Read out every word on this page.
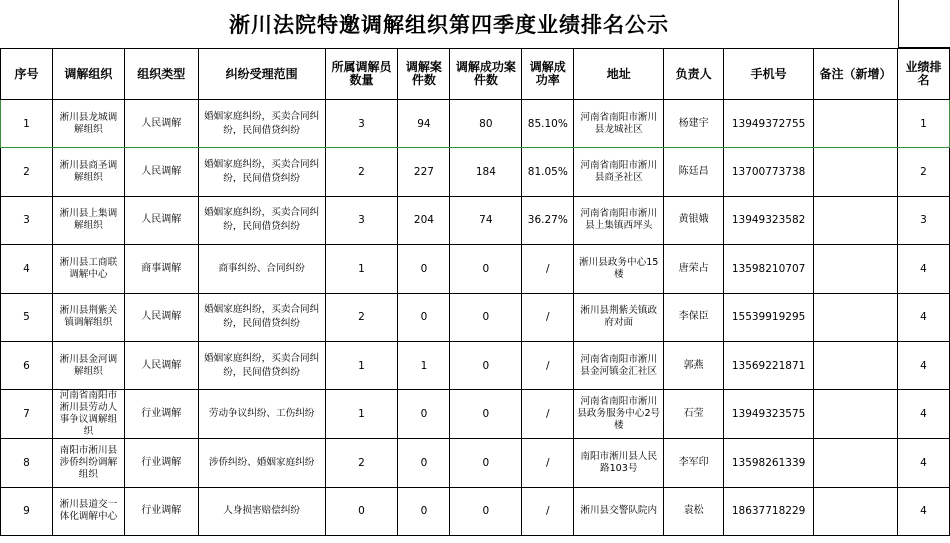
淅川法院特邀调解组织第四季度业绩排名公示
序号	调解组织	组织类型	纠纷受理范围	所属调解员数量	调解案件数	调解成功案件数	调解成功率	地址	负责人	手机号	备注（新增）	业绩排名
1	淅川县龙城调解组织	人民调解	婚姻家庭纠纷，买卖合同纠纷，民间借贷纠纷	3	94	80	85.10%	河南省南阳市淅川县龙城社区	杨建宇	13949372755		1
2	淅川县商圣调解组织	人民调解	婚姻家庭纠纷，买卖合同纠纷，民间借贷纠纷	2	227	184	81.05%	河南省南阳市淅川县商圣社区	陈廷昌	13700773738		2
3	淅川县上集调解组织	人民调解	婚姻家庭纠纷，买卖合同纠纷，民间借贷纠纷	3	204	74	36.27%	河南省南阳市淅川县上集镇西坪头	黄银娥	13949323582		3
4	淅川县工商联调解中心	商事调解	商事纠纷、合同纠纷	1	0	0	/	淅川县政务中心15楼	唐荣占	13598210707		4
5	淅川县荆紫关镇调解组织	人民调解	婚姻家庭纠纷，买卖合同纠纷，民间借贷纠纷	2	0	0	/	淅川县荆紫关镇政府对面	李保臣	15539919295		4
6	淅川县金河调解组织	人民调解	婚姻家庭纠纷，买卖合同纠纷，民间借贷纠纷	1	1	0	/	河南省南阳市淅川县金河镇金汇社区	郭燕	13569221871		4
7	河南省南阳市淅川县劳动人事争议调解组织	行业调解	劳动争议纠纷、工伤纠纷	1	0	0	/	河南省南阳市淅川县政务服务中心2号楼	石莹	13949323575		4
8	南阳市淅川县涉侨纠纷调解组织	行业调解	涉侨纠纷、婚姻家庭纠纷	2	0	0	/	南阳市淅川县人民路103号	李军印	13598261339		4
9	淅川县道交一体化调解中心	行业调解	人身损害赔偿纠纷	0	0	0	/	淅川县交警队院内	袁松	18637718229		4
